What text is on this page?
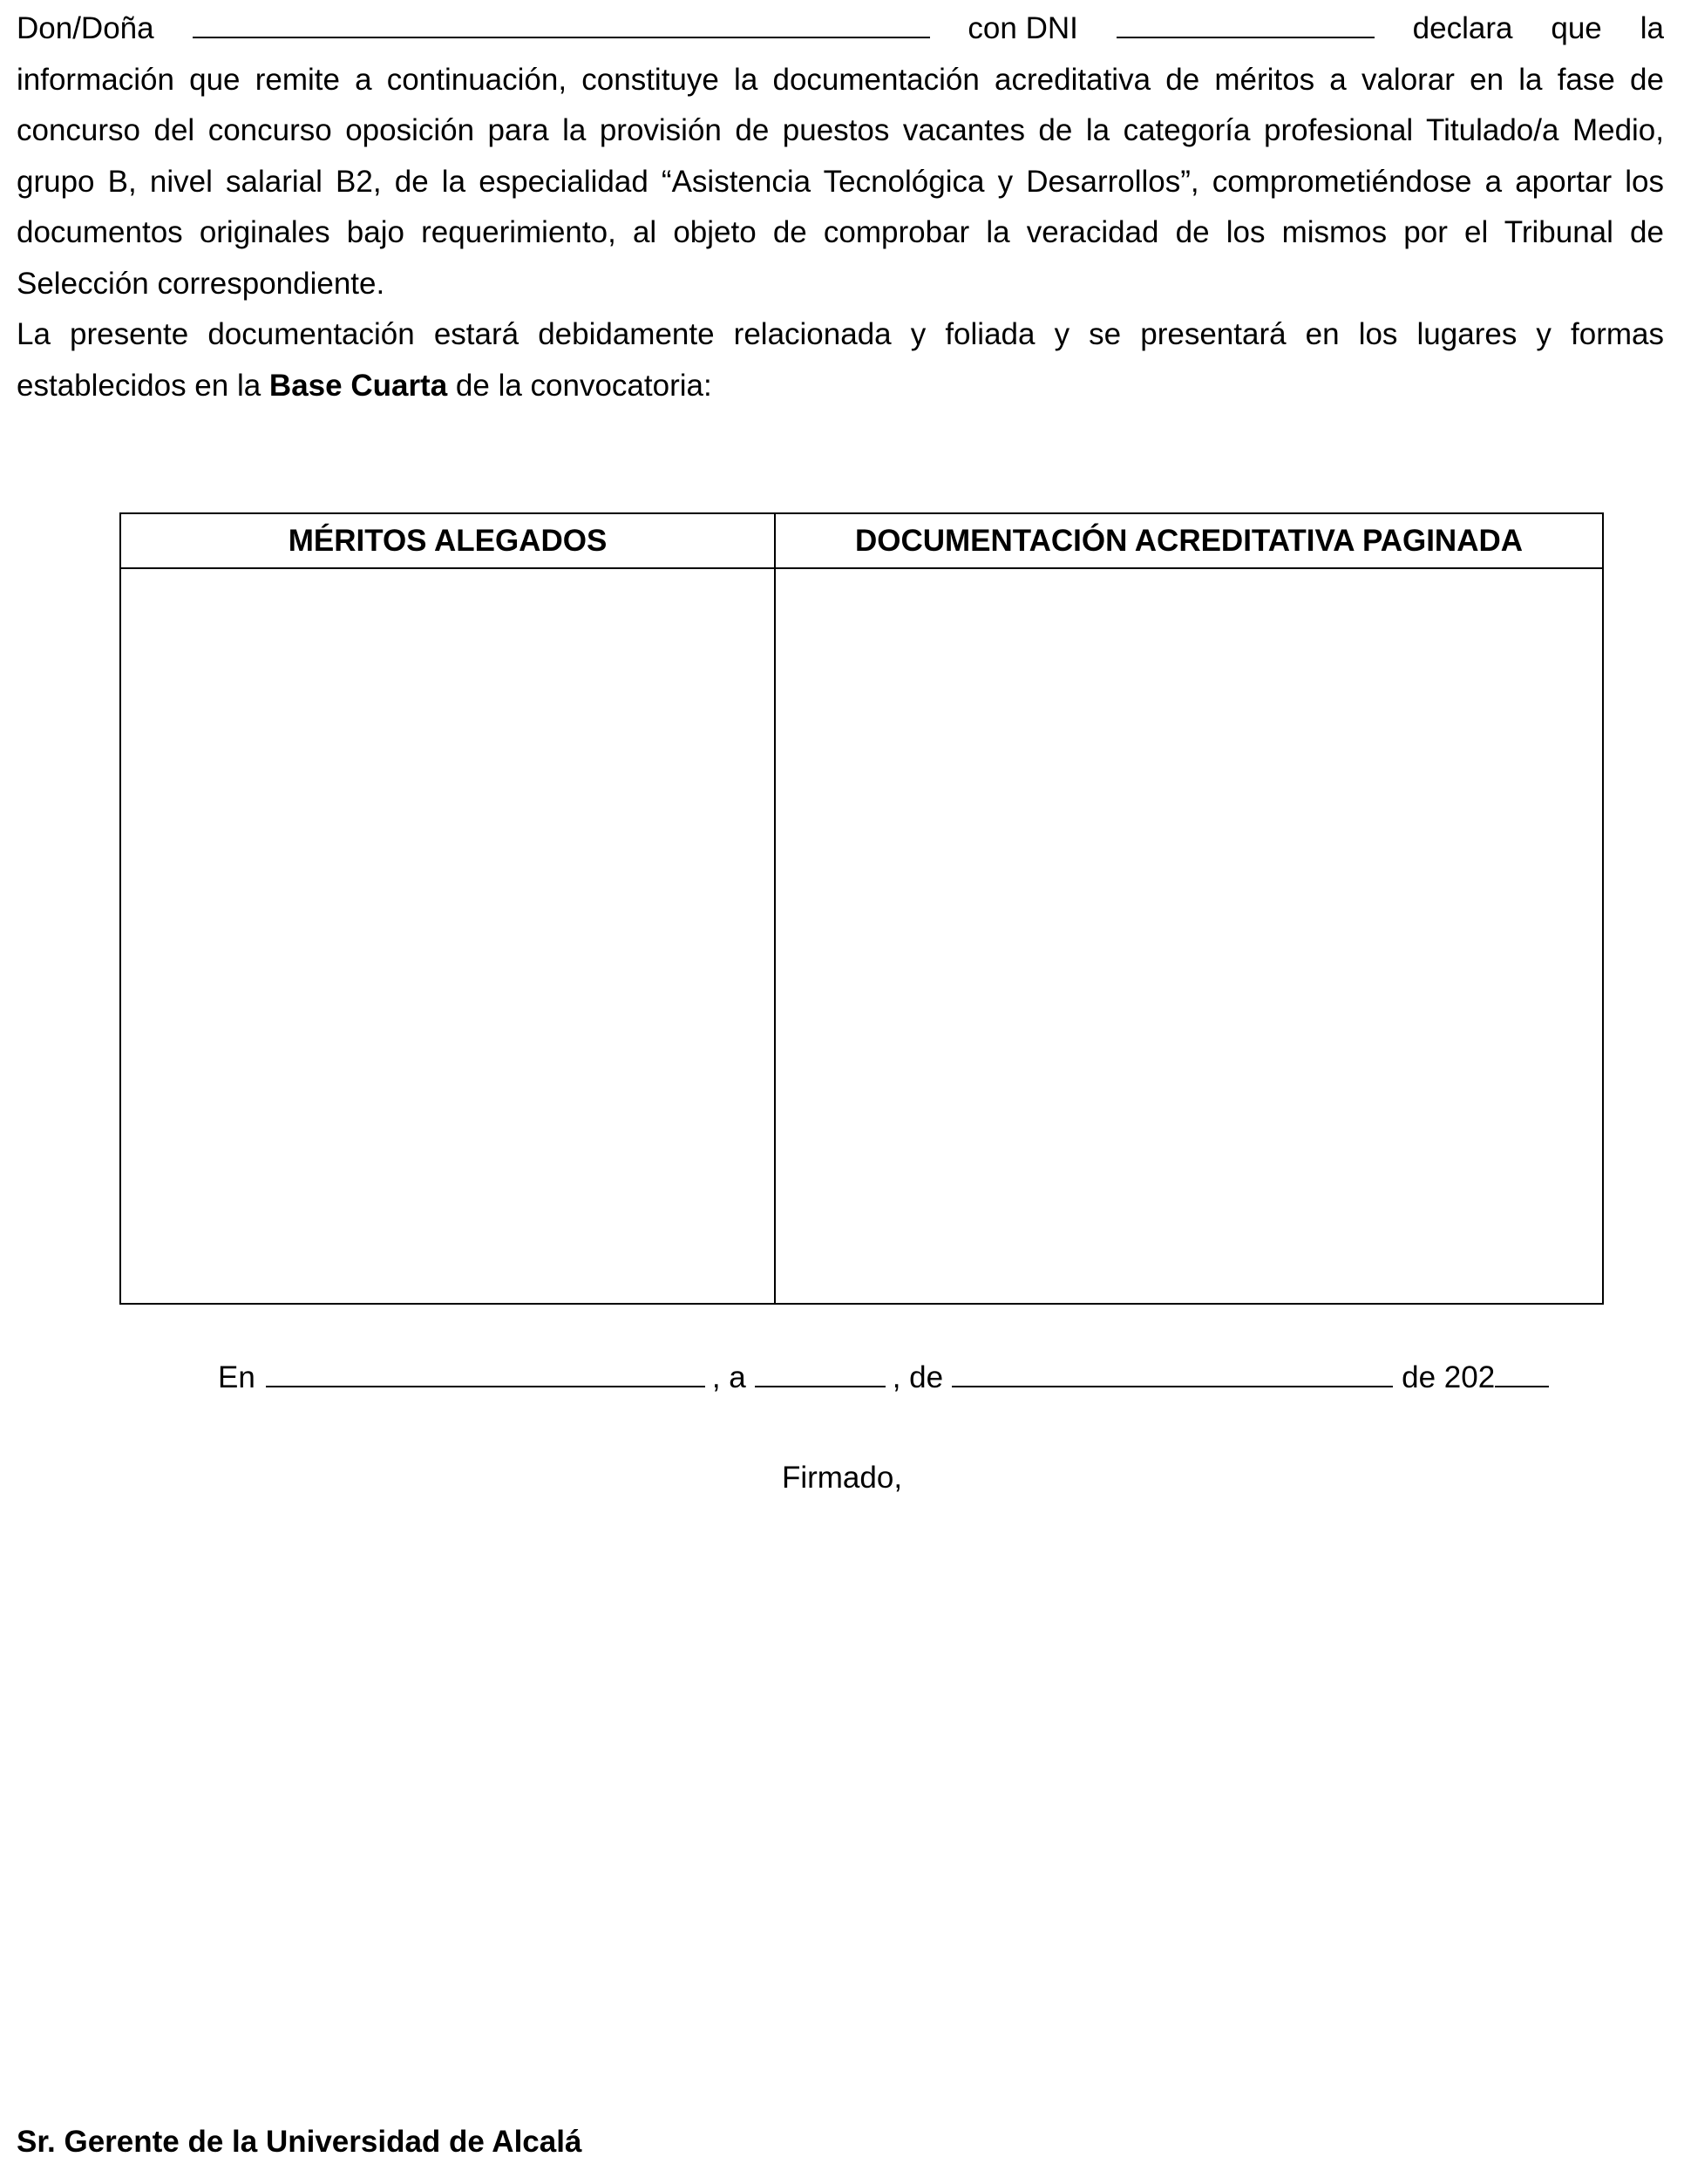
Don/Doña	con DNI	declara que la

información que remite a continuación, constituye la documentación acreditativa de méritos a valorar en la fase de concurso del concurso oposición para la provisión de puestos vacantes de la categoría profesional Titulado/a Medio, grupo B, nivel salarial B2, de la especialidad “Asistencia Tecnológica y Desarrollos”, comprometiéndose a aportar los documentos originales bajo requerimiento, al objeto de comprobar la veracidad de los mismos por el Tribunal de Selección correspondiente.

La presente documentación estará debidamente relacionada y foliada y se presentará en los lugares y formas establecidos en la Base Cuarta de la convocatoria:

MÉRITOS ALEGADOS	DOCUMENTACIÓN ACREDITATIVA PAGINADA

En	, a	, de	de 202
Firmado,
Sr. Gerente de la Universidad de Alcalá
